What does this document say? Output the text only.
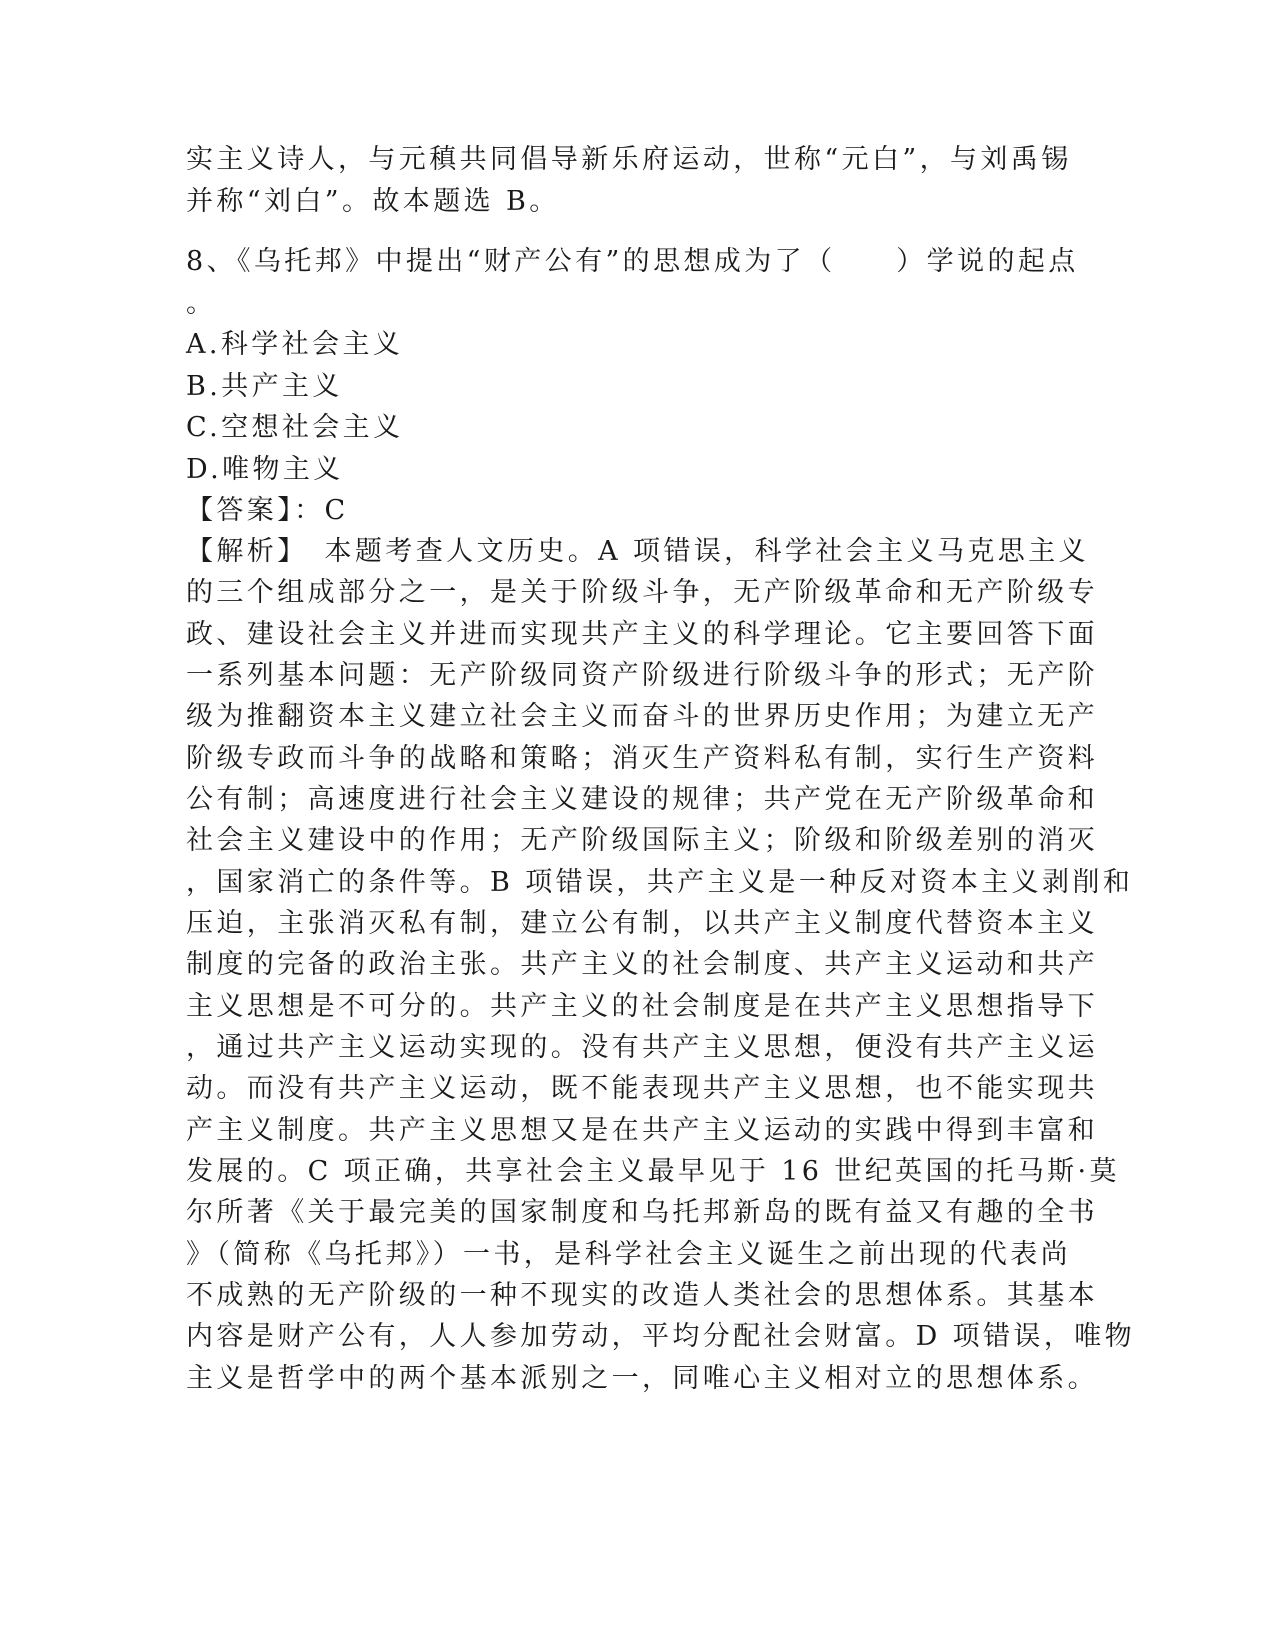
实主义诗人，与元稹共同倡导新乐府运动，世称“元白”，与刘禹锡
并称“刘白”。故本题选 B。
8、《乌托邦》中提出“财产公有”的思想成为了（　　）学说的起点
。
A.科学社会主义
B.共产主义
C.空想社会主义
D.唯物主义
【答案】：C
【解析】　本题考查人文历史。A 项错误，科学社会主义马克思主义
的三个组成部分之一，是关于阶级斗争，无产阶级革命和无产阶级专
政、建设社会主义并进而实现共产主义的科学理论。它主要回答下面
一系列基本问题：无产阶级同资产阶级进行阶级斗争的形式；无产阶
级为推翻资本主义建立社会主义而奋斗的世界历史作用；为建立无产
阶级专政而斗争的战略和策略；消灭生产资料私有制，实行生产资料
公有制；高速度进行社会主义建设的规律；共产党在无产阶级革命和
社会主义建设中的作用；无产阶级国际主义；阶级和阶级差别的消灭
，国家消亡的条件等。B 项错误，共产主义是一种反对资本主义剥削和
压迫，主张消灭私有制，建立公有制，以共产主义制度代替资本主义
制度的完备的政治主张。共产主义的社会制度、共产主义运动和共产
主义思想是不可分的。共产主义的社会制度是在共产主义思想指导下
，通过共产主义运动实现的。没有共产主义思想，便没有共产主义运
动。而没有共产主义运动，既不能表现共产主义思想，也不能实现共
产主义制度。共产主义思想又是在共产主义运动的实践中得到丰富和
发展的。C 项正确，共享社会主义最早见于 16 世纪英国的托马斯·莫
尔所著《关于最完美的国家制度和乌托邦新岛的既有益又有趣的全书
》（简称《乌托邦》）一书，是科学社会主义诞生之前出现的代表尚
不成熟的无产阶级的一种不现实的改造人类社会的思想体系。其基本
内容是财产公有，人人参加劳动，平均分配社会财富。D 项错误，唯物
主义是哲学中的两个基本派别之一，同唯心主义相对立的思想体系。
